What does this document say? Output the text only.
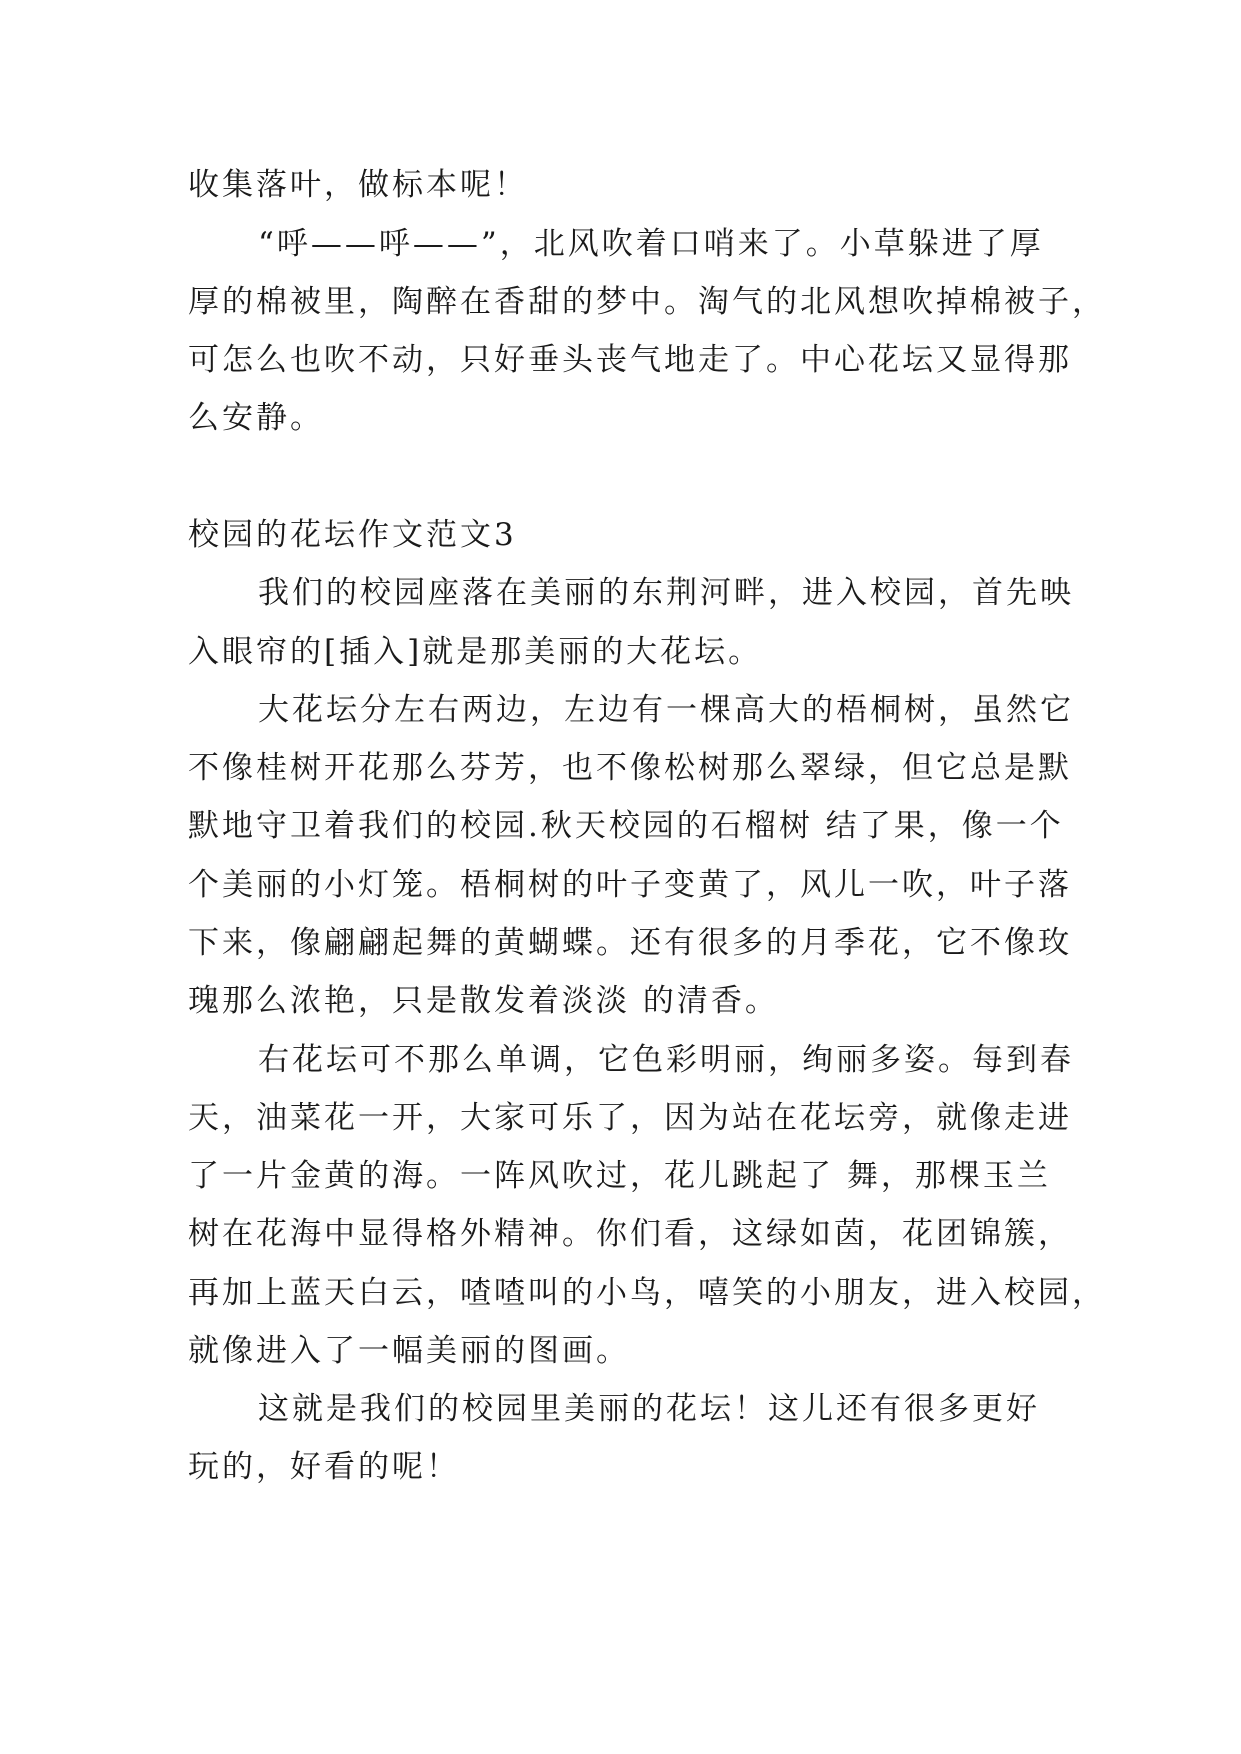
收集落叶，做标本呢！
“呼——呼——”，北风吹着口哨来了。小草躲进了厚
厚的棉被里，陶醉在香甜的梦中。淘气的北风想吹掉棉被子，
可怎么也吹不动，只好垂头丧气地走了。中心花坛又显得那
么安静。
校园的花坛作文范文3
我们的校园座落在美丽的东荆河畔，进入校园，首先映
入眼帘的[插入]就是那美丽的大花坛。
大花坛分左右两边，左边有一棵高大的梧桐树，虽然它
不像桂树开花那么芬芳，也不像松树那么翠绿，但它总是默
默地守卫着我们的校园.秋天校园的石榴树 结了果，像一个
个美丽的小灯笼。梧桐树的叶子变黄了，风儿一吹，叶子落
下来，像翩翩起舞的黄蝴蝶。还有很多的月季花，它不像玫
瑰那么浓艳，只是散发着淡淡 的清香。
右花坛可不那么单调，它色彩明丽，绚丽多姿。每到春
天，油菜花一开，大家可乐了，因为站在花坛旁，就像走进
了一片金黄的海。一阵风吹过，花儿跳起了 舞，那棵玉兰
树在花海中显得格外精神。你们看，这绿如茵，花团锦簇，
再加上蓝天白云，喳喳叫的小鸟，嘻笑的小朋友，进入校园，
就像进入了一幅美丽的图画。
这就是我们的校园里美丽的花坛！这儿还有很多更好
玩的，好看的呢！
